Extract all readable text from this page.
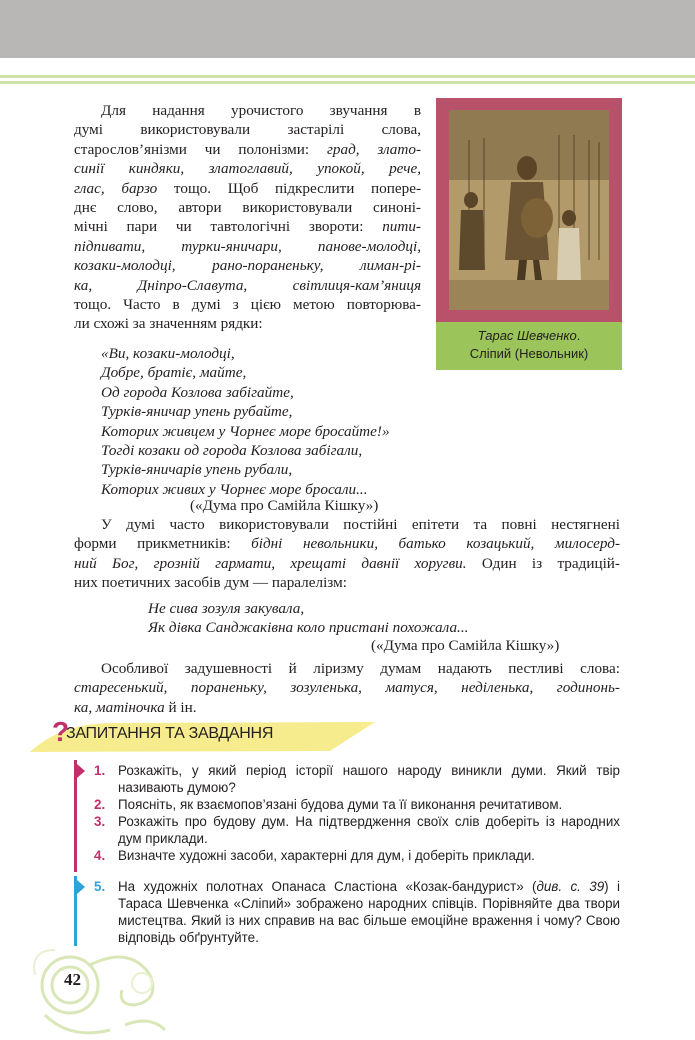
Для надання урочистого звучання в
думі використовували застарілі слова,
старослов’янізми чи полонізми: град, злато-
синії киндяки, златоглавий, упокой, рече,
глас, барзо тощо. Щоб підкреслити попере-
днє слово, автори використовували синоні-
мічні пари чи тавтологічні звороти: пити-
підпивати, турки-яничари, панове-молодці,
козаки-молодці, рано-пораненьку, лиман-рі-
ка, Дніпро-Славута, світлиця-кам’яниця
тощо. Часто в думі з цією метою повторюва-
ли схожі за значенням рядки:
Тарас Шевченко.
Сліпий (Невольник)
«Ви, козаки-молодці,
Добре, братіє, майте,
Од города Козлова забігайте,
Турків-яничар упень рубайте,
Которих живцем у Чорнеє море бросайте!»
Тогді козаки од города Козлова забігали,
Турків-яничарів упень рубали,
Которих живих у Чорнеє море бросали...
(«Дума про Самійла Кішку»)
У думі часто використовували постійні епітети та повні нестягнені
форми прикметників: бідні невольники, батько козацький, милосерд-
ний Бог, грозній гармати, хрещаті давнії хоругви. Один із традицій-
них поетичних засобів дум — паралелізм:
Не сива зозуля закувала,
Як дівка Санджаківна коло пристані похожала...
(«Дума про Самійла Кішку»)
Особливої задушевності й ліризму думам надають пестливі слова:
старесенький, пораненьку, зозуленька, матуся, неділенька, годинонь-
ка, матіночка й ін.
?
ЗАПИТАННЯ ТА ЗАВДАННЯ
1. Розкажіть, у який період історії нашого народу виникли думи. Який твір називають думою?
2. Поясніть, як взаємопов’язані будова думи та її виконання речитативом.
3. Розкажіть про будову дум. На підтвердження своїх слів доберіть із народних дум приклади.
4. Визначте художні засоби, характерні для дум, і доберіть приклади.
5. На художніх полотнах Опанаса Сластіона «Козак-бандурист» (див. с. 39) і Тараса Шевченка «Сліпий» зображено народних співців. Порівняйте два твори мистецтва. Який із них справив на вас більше емоційне враження і чому? Свою відповідь обґрунтуйте.
42
